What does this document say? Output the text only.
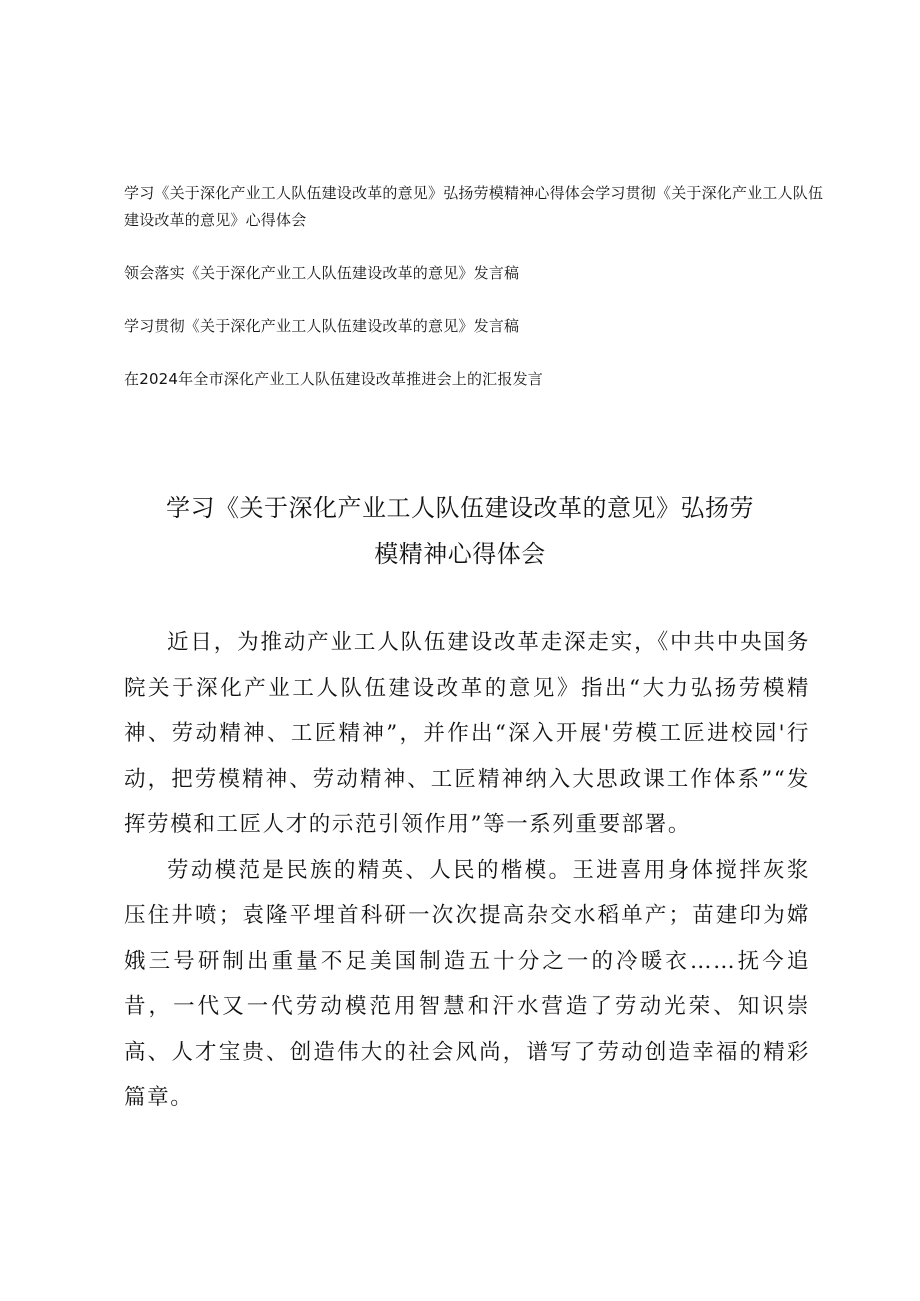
学习《关于深化产业工人队伍建设改革的意见》弘扬劳模精神心得体会学习贯彻《关于深化产业工人队伍建设改革的意见》心得体会
领会落实《关于深化产业工人队伍建设改革的意见》发言稿
学习贯彻《关于深化产业工人队伍建设改革的意见》发言稿
在2024年全市深化产业工人队伍建设改革推进会上的汇报发言
学习《关于深化产业工人队伍建设改革的意见》弘扬劳
模精神心得体会

近日，为推动产业工人队伍建设改革走深走实，《中共中央国务院关于深化产业工人队伍建设改革的意见》指出“大力弘扬劳模精神、劳动精神、工匠精神”，并作出“深入开展'劳模工匠进校园'行动，把劳模精神、劳动精神、工匠精神纳入大思政课工作体系”“发挥劳模和工匠人才的示范引领作用”等一系列重要部署。

劳动模范是民族的精英、人民的楷模。王进喜用身体搅拌灰浆压住井喷；袁隆平埋首科研一次次提高杂交水稻单产；苗建印为嫦娥三号研制出重量不足美国制造五十分之一的冷暖衣……抚今追昔，一代又一代劳动模范用智慧和汗水营造了劳动光荣、知识崇高、人才宝贵、创造伟大的社会风尚，谱写了劳动创造幸福的精彩篇章。
